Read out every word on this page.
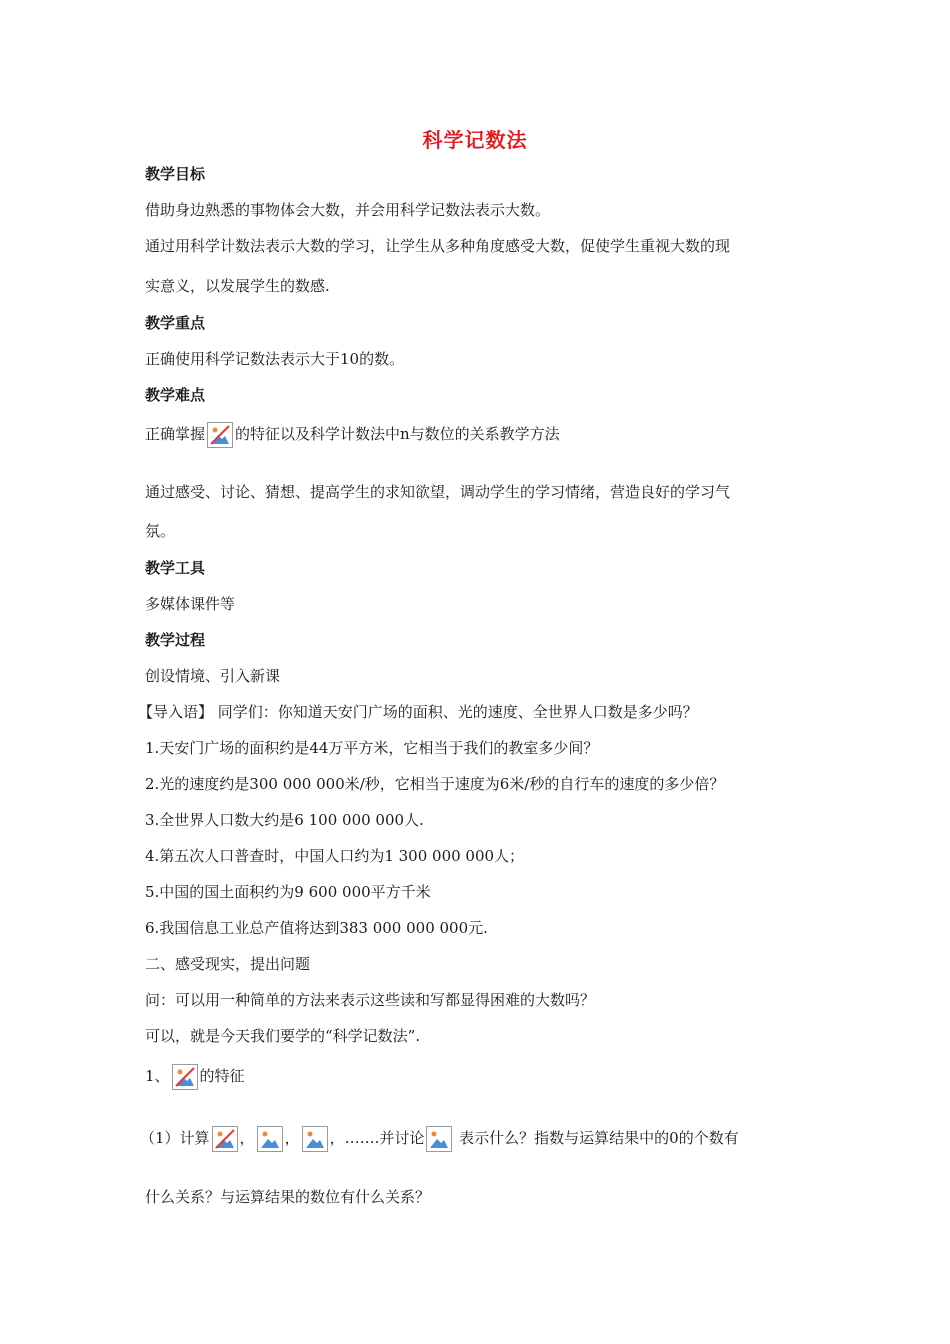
科学记数法
教学目标
借助身边熟悉的事物体会大数，并会用科学记数法表示大数。
通过用科学计数法表示大数的学习，让学生从多种角度感受大数，促使学生重视大数的现
实意义，以发展学生的数感.
教学重点
正确使用科学记数法表示大于10的数。
教学难点
正确掌握 的特征以及科学计数法中n与数位的关系教学方法
通过感受、讨论、猜想、提高学生的求知欲望，调动学生的学习情绪，营造良好的学习气
氛。
教学工具
多媒体课件等
教学过程
创设情境、引入新课
【导入语】 同学们：你知道天安门广场的面积、光的速度、全世界人口数是多少吗？
1.天安门广场的面积约是44万平方米，它相当于我们的教室多少间？
2.光的速度约是300 000 000米/秒，它相当于速度为6米/秒的自行车的速度的多少倍？
3.全世界人口数大约是6 100 000 000人.
4.第五次人口普查时，中国人口约为1 300 000 000人；
5.中国的国土面积约为9 600 000平方千米
6.我国信息工业总产值将达到383 000 000 000元.
二、感受现实，提出问题
问：可以用一种简单的方法来表示这些读和写都显得困难的大数吗？
可以，就是今天我们要学的“科学记数法”.
1、 的特征
（1）计算 ， ， ，…….并讨论
表示什么？指数与运算结果中的0的个数有
什么关系？与运算结果的数位有什么关系？
